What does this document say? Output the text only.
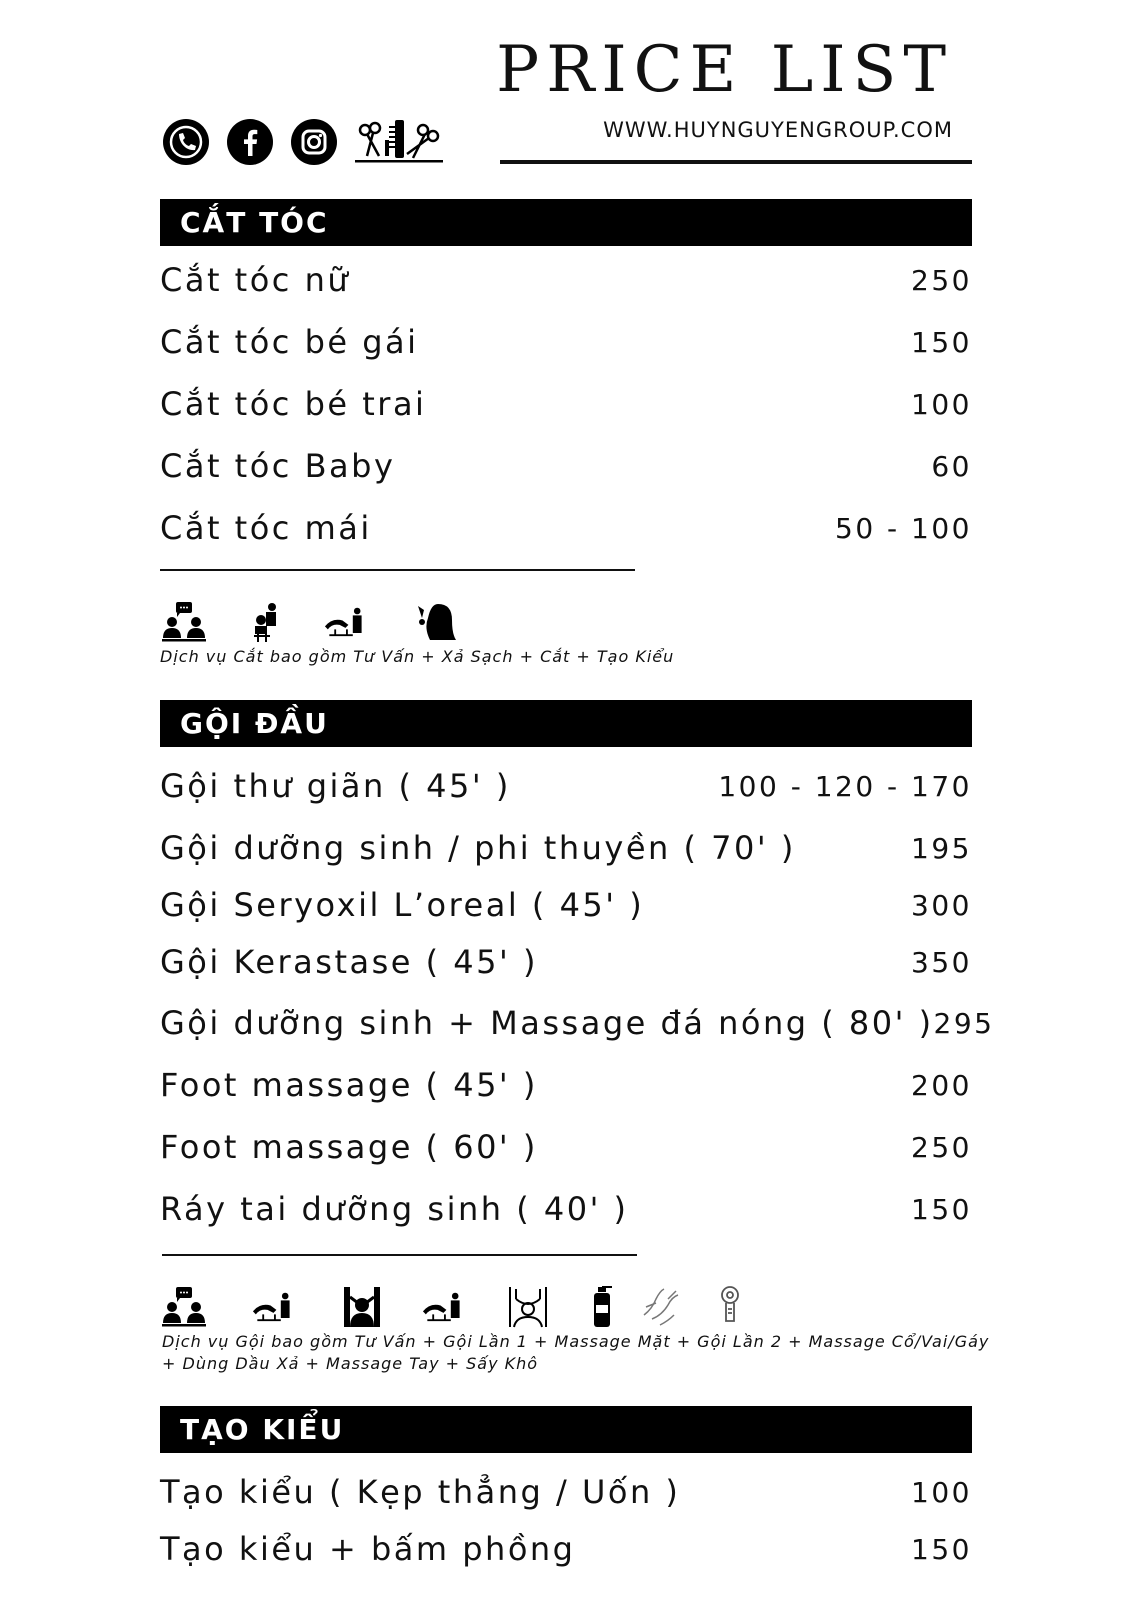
PRICE LIST
WWW.HUYNGUYENGROUP.COM
CẮT TÓC
Cắt tóc nữ	250
Cắt tóc bé gái	150
Cắt tóc bé trai	100
Cắt tóc Baby	60
Cắt tóc mái	50 - 100
Dịch vụ Cắt bao gồm Tư Vấn + Xả Sạch + Cắt + Tạo Kiểu
GỘI ĐẦU
Gội thư giãn ( 45' )	100 - 120 - 170
Gội dưỡng sinh / phi thuyền ( 70' )	195
Gội Seryoxil L’oreal ( 45' )	300
Gội Kerastase ( 45' )	350
Gội dưỡng sinh + Massage đá nóng ( 80' ) 295
Foot massage ( 45' )	200
Foot massage ( 60' )	250
Ráy tai dưỡng sinh ( 40' )	150
Dịch vụ Gội bao gồm Tư Vấn + Gội Lần 1 + Massage Mặt + Gội Lần 2 + Massage Cổ/Vai/Gáy
+ Dùng Dầu Xả + Massage Tay + Sấy Khô
TẠO KIỂU
Tạo kiểu ( Kẹp thẳng / Uốn )	100
Tạo kiểu + bấm phồng	150
